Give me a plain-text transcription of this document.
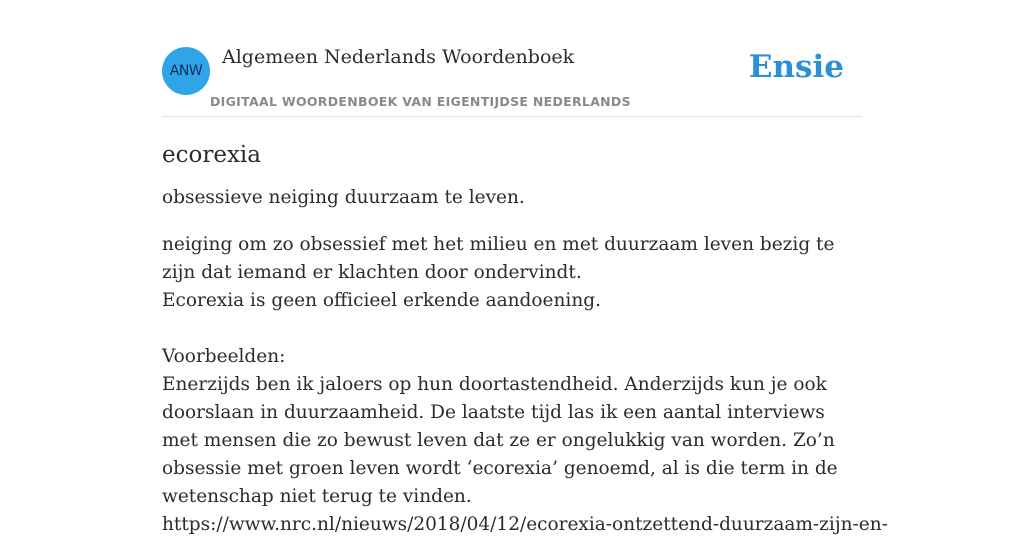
ANW
Algemeen Nederlands Woordenboek
DIGITAAL WOORDENBOEK VAN EIGENTIJDSE NEDERLANDS
Ensie
ecorexia

obsessieve neiging duurzaam te leven.

neiging om zo obsessief met het milieu en met duurzaam leven bezig te zijn dat iemand er klachten door ondervindt.
Ecorexia is geen officieel erkende aandoening.
Voorbeelden:
Enerzijds ben ik jaloers op hun doortastendheid. Anderzijds kun je ook doorslaan in duurzaamheid. De laatste tijd las ik een aantal interviews met mensen die zo bewust leven dat ze er ongelukkig van worden. Zo’n obsessie met groen leven wordt ‘ecorexia’ genoemd, al is die term in de wetenschap niet terug te vinden.
https://www.nrc.nl/nieuws/2018/04/12/ecorexia-ontzettend-duurzaam-zijn-en-
